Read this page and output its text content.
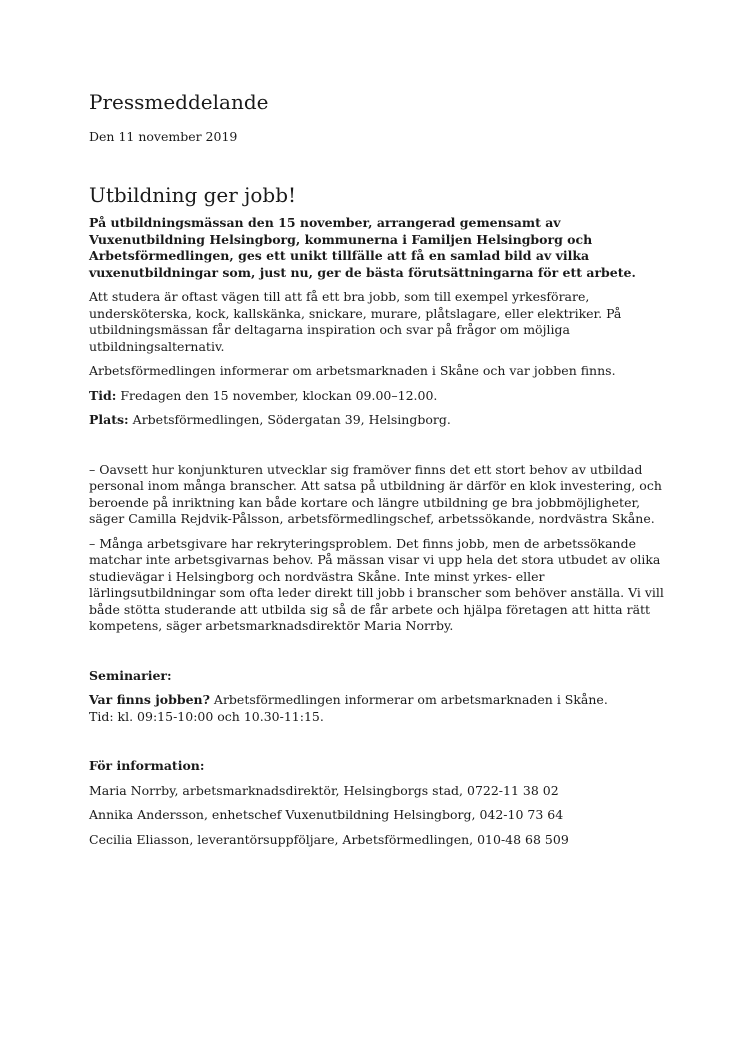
Pressmeddelande

Den 11 november 2019

Utbildning ger jobb!

På utbildningsmässan den 15 november, arrangerad gemensamt av Vuxenutbildning Helsingborg, kommunerna i Familjen Helsingborg och Arbetsförmedlingen, ges ett unikt tillfälle att få en samlad bild av vilka vuxenutbildningar som, just nu, ger de bästa förutsättningarna för ett arbete.

Att studera är oftast vägen till att få ett bra jobb, som till exempel yrkesförare, undersköterska, kock, kallskänka, snickare, murare, plåtslagare, eller elektriker. På utbildningsmässan får deltagarna inspiration och svar på frågor om möjliga utbildningsalternativ.

Arbetsförmedlingen informerar om arbetsmarknaden i Skåne och var jobben finns.

Tid: Fredagen den 15 november, klockan 09.00–12.00.

Plats: Arbetsförmedlingen, Södergatan 39, Helsingborg.

– Oavsett hur konjunkturen utvecklar sig framöver finns det ett stort behov av utbildad personal inom många branscher. Att satsa på utbildning är därför en klok investering, och beroende på inriktning kan både kortare och längre utbildning ge bra jobbmöjligheter, säger Camilla Rejdvik-Pålsson, arbetsförmedlingschef, arbetssökande, nordvästra Skåne.

– Många arbetsgivare har rekryteringsproblem. Det finns jobb, men de arbetssökande matchar inte arbetsgivarnas behov. På mässan visar vi upp hela det stora utbudet av olika studievägar i Helsingborg och nordvästra Skåne. Inte minst yrkes- eller lärlingsutbildningar som ofta leder direkt till jobb i branscher som behöver anställa. Vi vill både stötta studerande att utbilda sig så de får arbete och hjälpa företagen att hitta rätt kompetens, säger arbetsmarknadsdirektör Maria Norrby.

Seminarier:

Var finns jobben? Arbetsförmedlingen informerar om arbetsmarknaden i Skåne.
Tid: kl. 09:15-10:00 och 10.30-11:15.

För information:

Maria Norrby, arbetsmarknadsdirektör, Helsingborgs stad, 0722-11 38 02

Annika Andersson, enhetschef Vuxenutbildning Helsingborg, 042-10 73 64

Cecilia Eliasson, leverantörsuppföljare, Arbetsförmedlingen, 010-48 68 509
